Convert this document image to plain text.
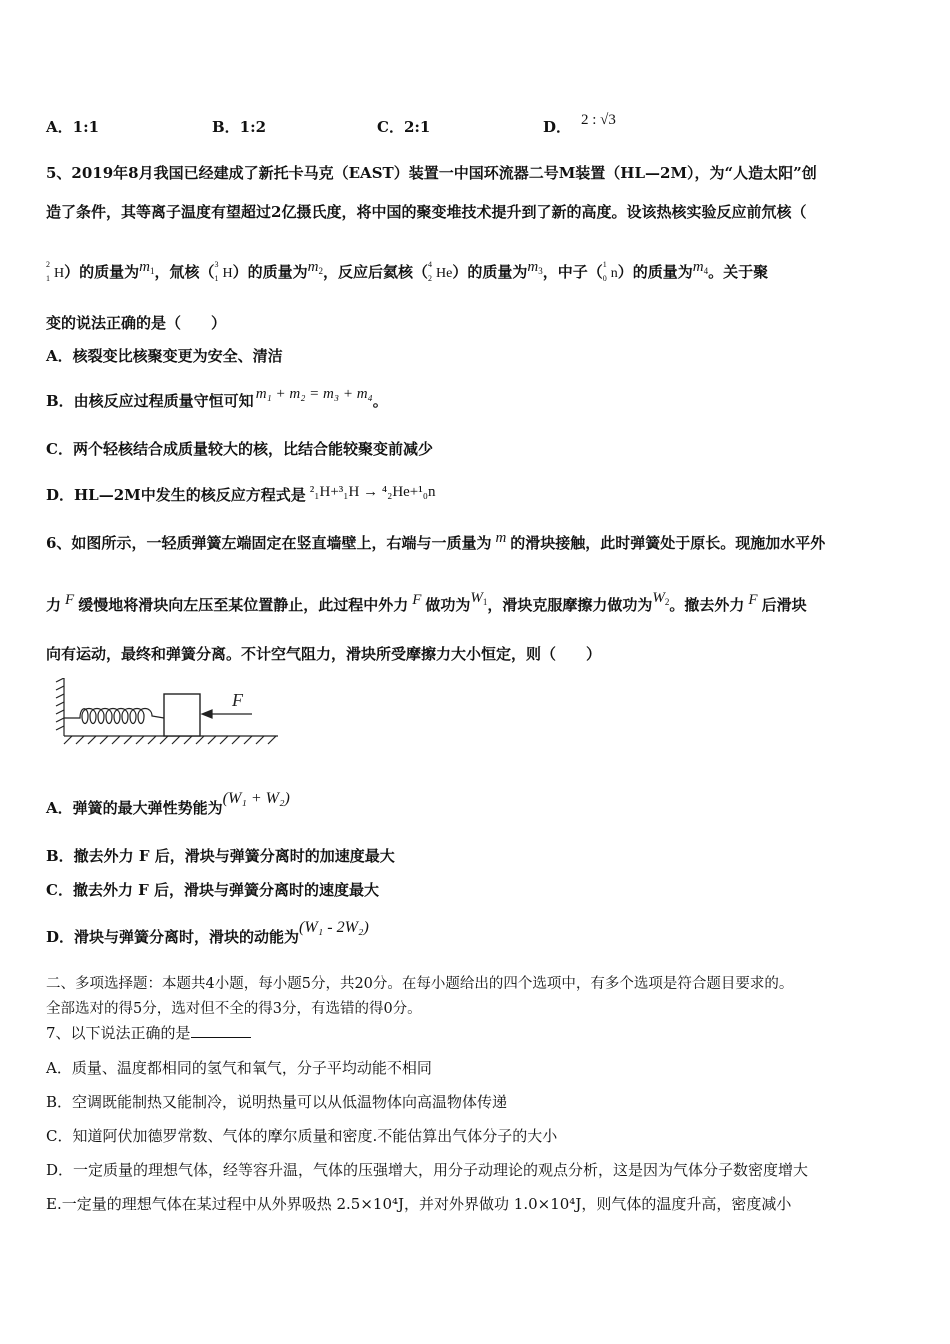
A．1:1	B．1:2	C．2:1	D． 2 : √3
5、2019年8月我国已经建成了新托卡马克（EAST）装置一中国环流器二号M装置（HL—2M），为“人造太阳”创
造了条件，其等离子温度有望超过2亿摄氏度，将中国的聚变堆技术提升到了新的高度。设该热核实验反应前氘核（
2
1 H）的质量为$m_1$，氚核（ 3
1 H）的质量为$m_2$，反应后氦核（ 4
2 He）的质量为$m_3$，中子（ 1
0 n）的质量为$m_4$。关于聚
变的说法正确的是（　　）
A．核裂变比核聚变更为安全、清洁
B．由核反应过程质量守恒可知 m₁ + m₂ = m₃ + m₄。
C．两个轻核结合成质量较大的核，比结合能较聚变前减少
D．HL—2M中发生的核反应方程式是 ²₁H+³₁H → ⁴₂He+¹₀n
6、如图所示，一轻质弹簧左端固定在竖直墙壁上，右端与一质量为 m 的滑块接触，此时弹簧处于原长。现施加水平外
力 F 缓慢地将滑块向左压至某位置静止，此过程中外力 F 做功为$W_1$，滑块克服摩擦力做功为$W_2$。撤去外力 F 后滑块
向有运动，最终和弹簧分离。不计空气阻力，滑块所受摩擦力大小恒定，则（　　）
F
A．弹簧的最大弹性势能为(W₁ + W₂)
B．撤去外力 F 后，滑块与弹簧分离时的加速度最大
C．撤去外力 F 后，滑块与弹簧分离时的速度最大
D．滑块与弹簧分离时，滑块的动能为(W₁ - 2W₂)
二、多项选择题：本题共4小题，每小题5分，共20分。在每小题给出的四个选项中，有多个选项是符合题目要求的。
全部选对的得5分，选对但不全的得3分，有选错的得0分。
7、以下说法正确的是
A．质量、温度都相同的氢气和氧气，分子平均动能不相同
B．空调既能制热又能制冷，说明热量可以从低温物体向高温物体传递
C．知道阿伏加德罗常数、气体的摩尔质量和密度.不能估算出气体分子的大小
D．一定质量的理想气体，经等容升温，气体的压强增大，用分子动理论的观点分析，这是因为气体分子数密度增大
E.一定量的理想气体在某过程中从外界吸热 2.5×10⁴J，并对外界做功 1.0×10⁴J，则气体的温度升高，密度减小
